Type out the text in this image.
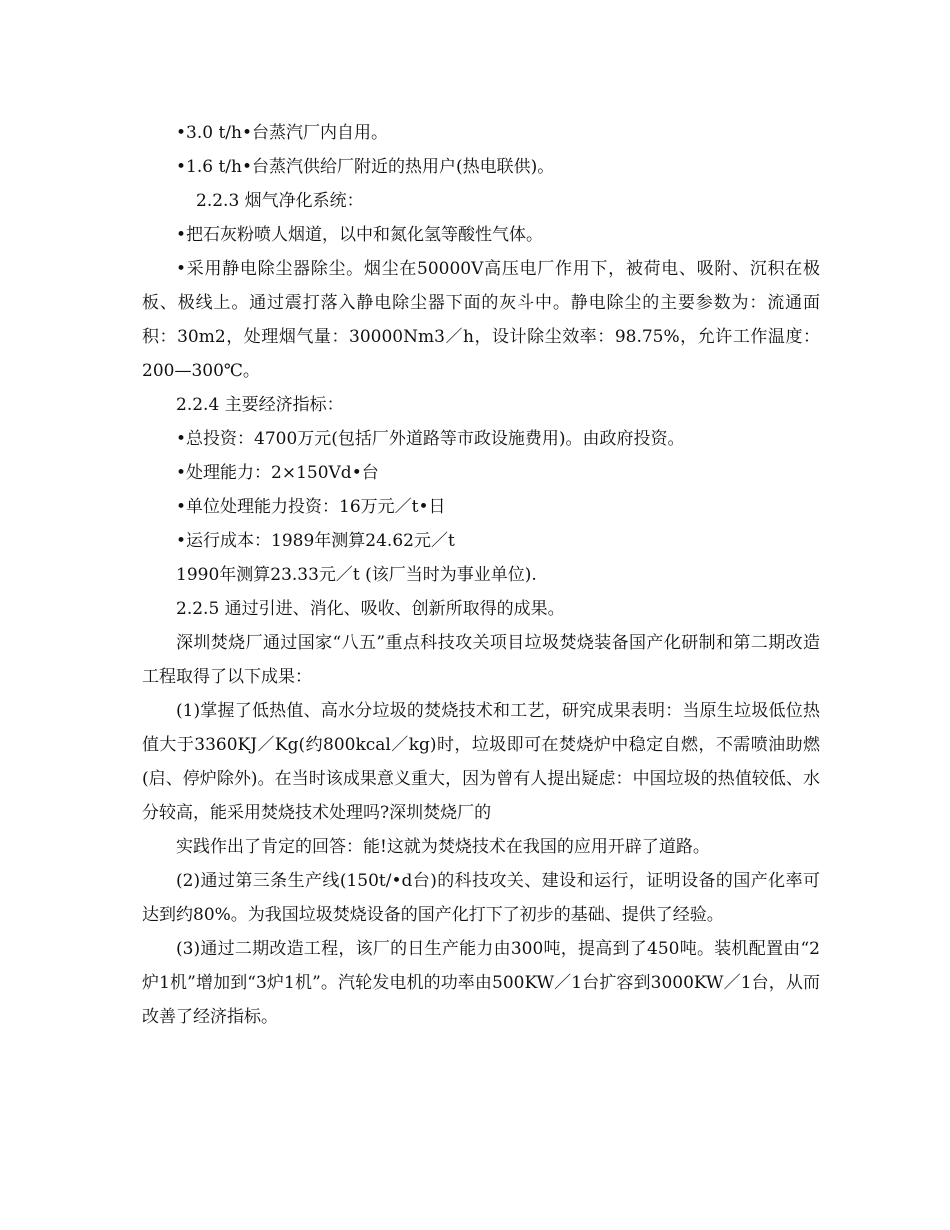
•3.0 t/h•台蒸汽厂内自用。

•1.6 t/h•台蒸汽供给厂附近的热用户(热电联供)。

2.2.3 烟气净化系统：

•把石灰粉喷人烟道，以中和氮化氢等酸性气体。

•采用静电除尘器除尘。烟尘在50000V高压电厂作用下，被荷电、吸附、沉积在极板、极线上。通过震打落入静电除尘器下面的灰斗中。静电除尘的主要参数为：流通面积：30m2，处理烟气量：30000Nm3／h，设计除尘效率：98.75%，允许工作温度：200—300℃。

2.2.4 主要经济指标：

•总投资：4700万元(包括厂外道路等市政设施费用)。由政府投资。

•处理能力：2×150Vd•台

•单位处理能力投资：16万元／t•日

•运行成本：1989年测算24.62元／t

1990年测算23.33元／t (该厂当时为事业单位).

2.2.5 通过引进、消化、吸收、创新所取得的成果。

深圳焚烧厂通过国家“八五”重点科技攻关项目垃圾焚烧装备国产化研制和第二期改造工程取得了以下成果：

(1)掌握了低热值、高水分垃圾的焚烧技术和工艺，研究成果表明：当原生垃圾低位热值大于3360KJ／Kg(约800kcal／kg)时，垃圾即可在焚烧炉中稳定自燃，不需喷油助燃(启、停炉除外)。在当时该成果意义重大，因为曾有人提出疑虑：中国垃圾的热值较低、水分较高，能采用焚烧技术处理吗?深圳焚烧厂的

实践作出了肯定的回答：能!这就为焚烧技术在我国的应用开辟了道路。

(2)通过第三条生产线(150t/•d台)的科技攻关、建设和运行，证明设备的国产化率可达到约80%。为我国垃圾焚烧设备的国产化打下了初步的基础、提供了经验。

(3)通过二期改造工程，该厂的日生产能力由300吨，提高到了450吨。装机配置由“2炉1机”增加到“3炉1机”。汽轮发电机的功率由500KW／1台扩容到3000KW／1台，从而改善了经济指标。
